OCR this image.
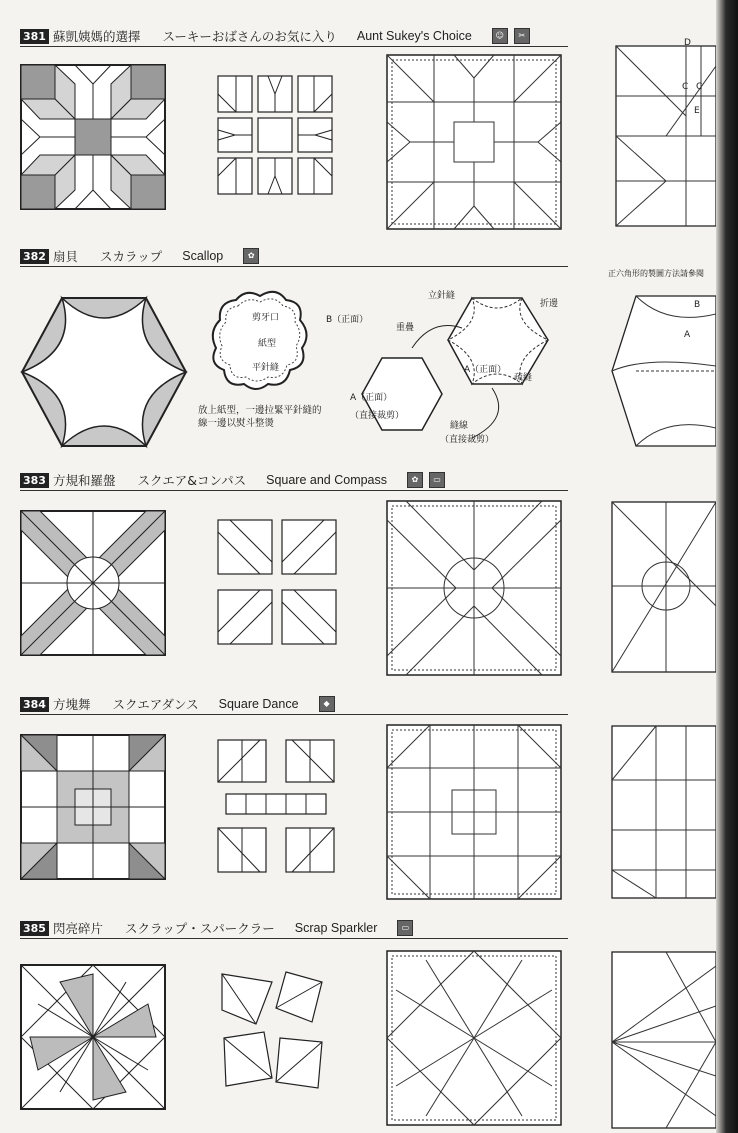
381 蘇凱姨媽的選擇 スーキーおばさんのお気に入り Aunt Sukey's Choice	☺	✂
382 扇貝 スカラップ Scallop	✿
剪牙口	B（正面）
紙型
平針縫
放上紙型，一邊拉緊平針縫的線一邊以熨斗整燙
立針縫
折邊
重疊
A（正面）
A（正面）
（直接裁剪）
疏縫
縫線
（直接裁剪）
383 方規和羅盤 スクエア&コンパス Square and Compass	✿	▭
384 方塊舞 スクエアダンス Square Dance	◆
385 閃亮碎片 スクラップ・スパークラー Scrap Sparkler	▭
D
C C
E
正六角形的製圖方法請參閱
B
A
